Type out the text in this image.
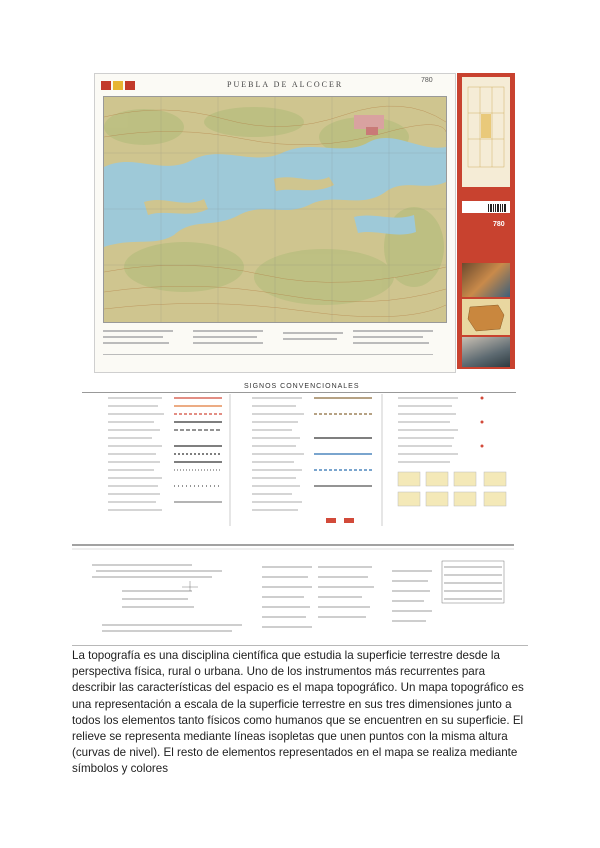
PUEBLA DE ALCOCER	780
780
SIGNOS CONVENCIONALES

La topografía es una disciplina científica que estudia la superficie terrestre desde la perspectiva física, rural o urbana. Uno de los instrumentos más recurrentes para describir las características del espacio es el mapa topográfico. Un mapa topográfico es una representación a escala de la superficie terrestre en sus tres dimensiones junto a todos los elementos tanto físicos como humanos que se encuentren en su superficie. El relieve se representa mediante líneas isopletas que unen puntos con la misma altura (curvas de nivel). El resto de elementos representados en el mapa se realiza mediante símbolos y colores
